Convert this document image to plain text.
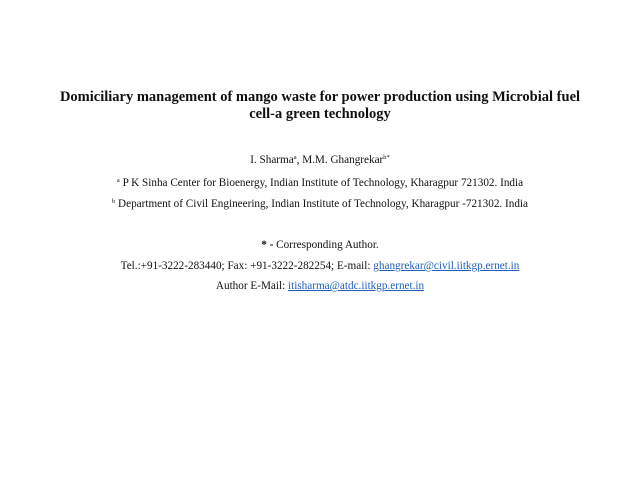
Domiciliary management of mango waste for power production using Microbial fuel
cell-a green technology
I. Sharma$^a$, M.M. Ghangrekar$^{b*}$
$^a$ P K Sinha Center for Bioenergy, Indian Institute of Technology, Kharagpur 721302. India
$^b$ Department of Civil Engineering, Indian Institute of Technology, Kharagpur -721302. India
* - Corresponding Author.
Tel.:+91-3222-283440; Fax: +91-3222-282254; E-mail: ghangrekar@civil.iitkgp.ernet.in
Author E-Mail: itisharma@atdc.iitkgp.ernet.in
